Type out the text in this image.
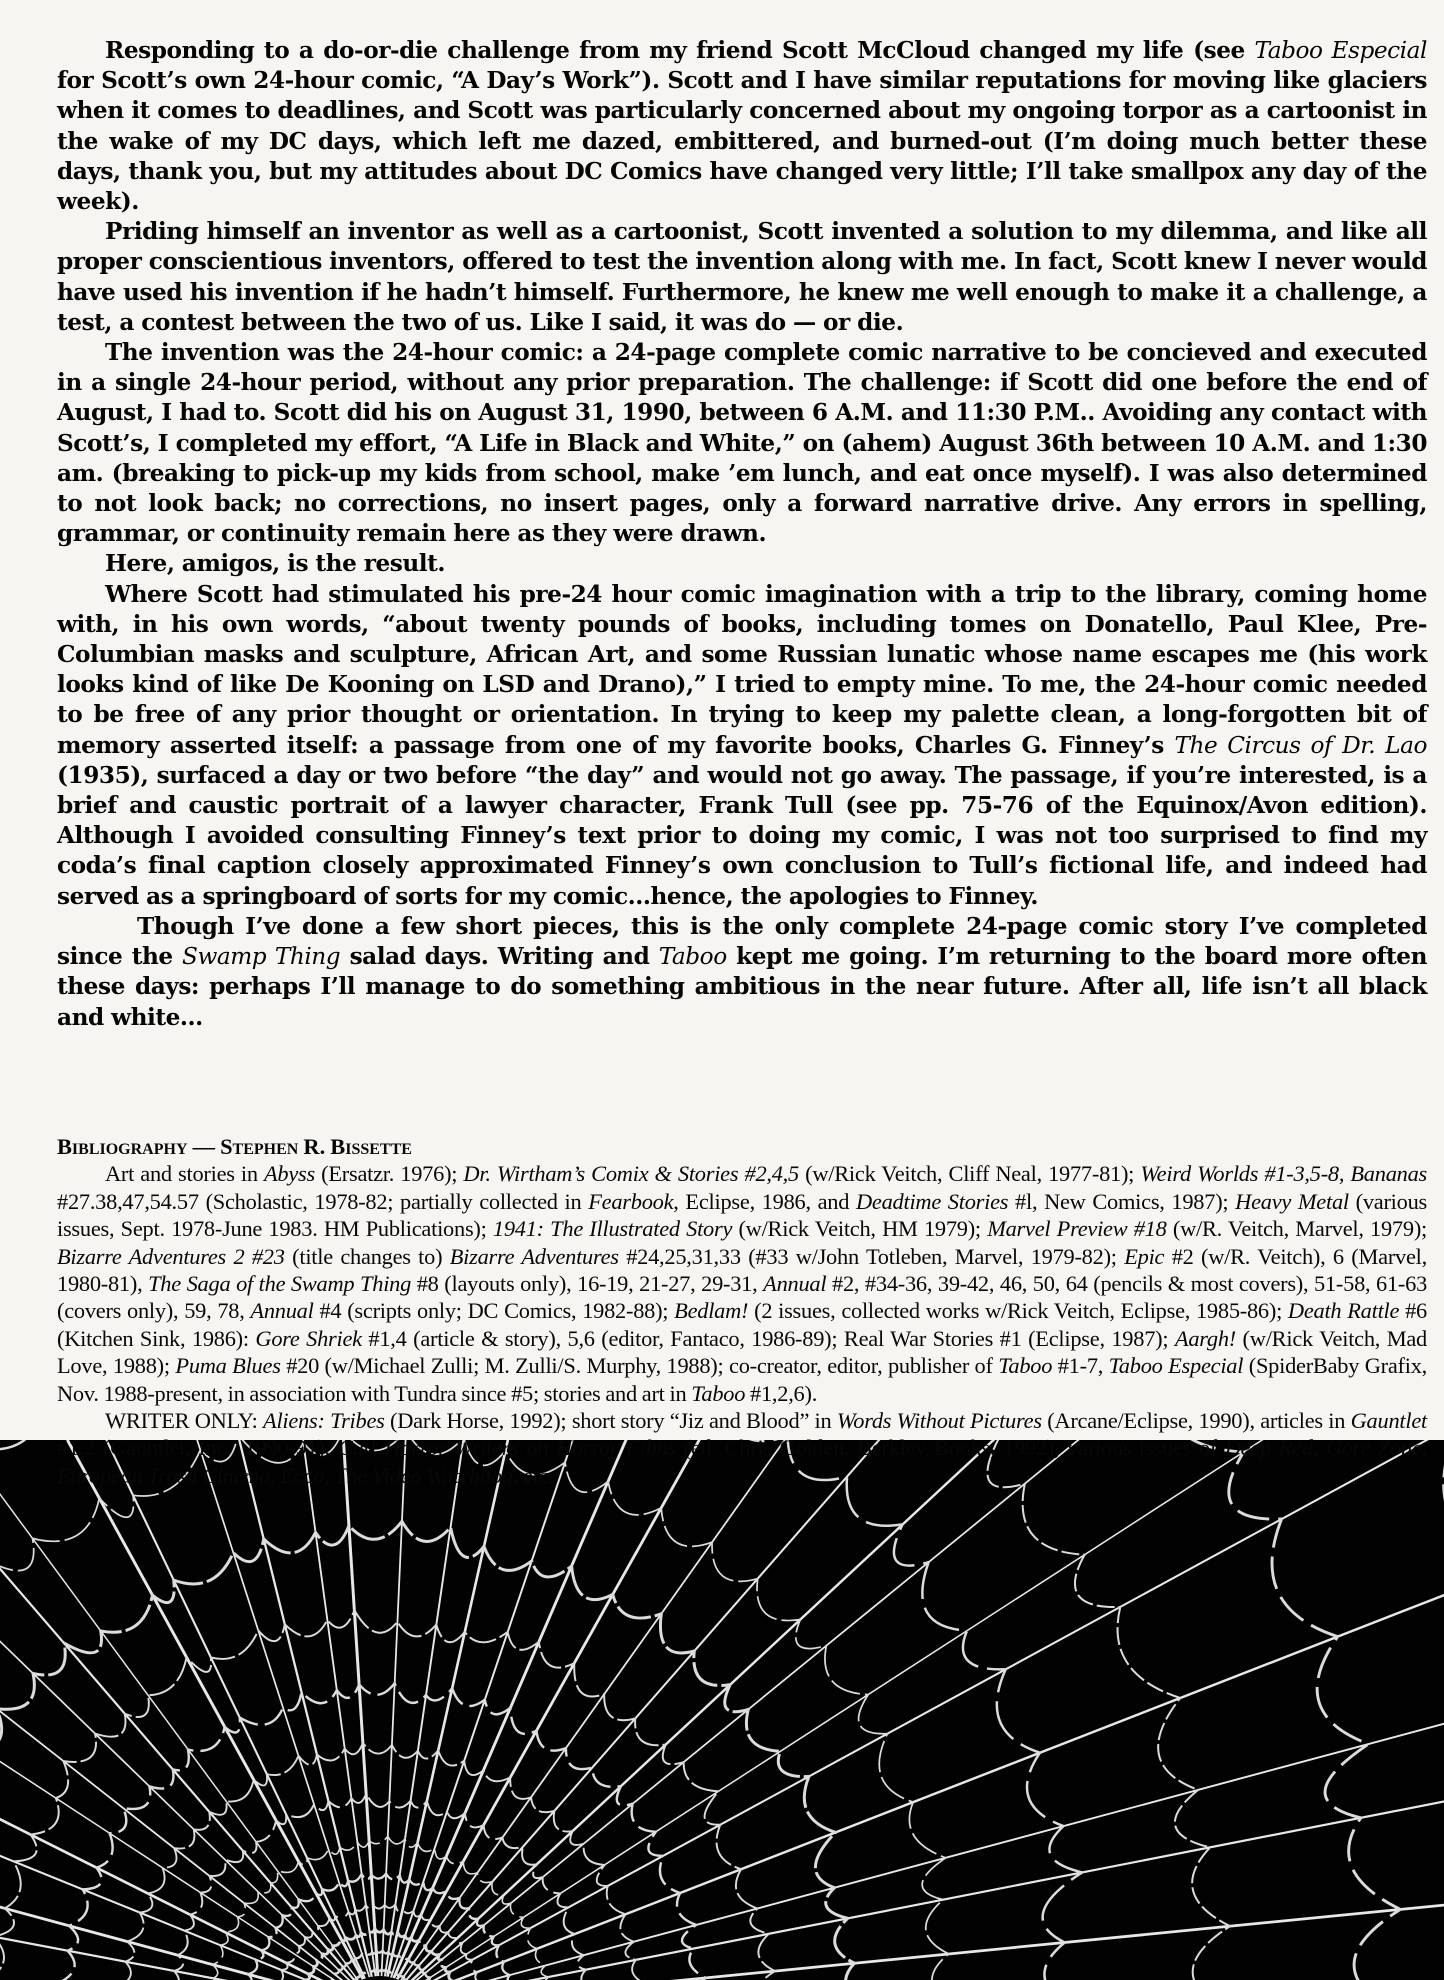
Responding to a do-or-die challenge from my friend Scott McCloud changed my life (see Taboo Especial for Scott’s own 24-hour comic, “A Day’s Work”). Scott and I have similar reputations for moving like glaciers when it comes to deadlines, and Scott was particularly concerned about my ongoing torpor as a cartoonist in the wake of my DC days, which left me dazed, embittered, and burned-out (I’m doing much better these days, thank you, but my attitudes about DC Comics have changed very little; I’ll take smallpox any day of the week).

Priding himself an inventor as well as a cartoonist, Scott invented a solution to my dilemma, and like all proper conscientious inventors, offered to test the invention along with me. In fact, Scott knew I never would have used his invention if he hadn’t himself. Furthermore, he knew me well enough to make it a challenge, a test, a contest between the two of us. Like I said, it was do — or die.

The invention was the 24-hour comic: a 24-page complete comic narrative to be concieved and executed in a single 24-hour period, without any prior preparation. The challenge: if Scott did one before the end of August, I had to. Scott did his on August 31, 1990, between 6 A.M. and 11:30 P.M.. Avoiding any contact with Scott’s, I completed my effort, “A Life in Black and White,” on (ahem) August 36th between 10 A.M. and 1:30 am. (breaking to pick-up my kids from school, make ’em lunch, and eat once myself). I was also determined to not look back; no corrections, no insert pages, only a forward narrative drive. Any errors in spelling, grammar, or continuity remain here as they were drawn.

Here, amigos, is the result.

Where Scott had stimulated his pre-24 hour comic imagination with a trip to the library, coming home with, in his own words, “about twenty pounds of books, including tomes on Donatello, Paul Klee, Pre-Columbian masks and sculpture, African Art, and some Russian lunatic whose name escapes me (his work looks kind of like De Kooning on LSD and Drano),” I tried to empty mine. To me, the 24-hour comic needed to be free of any prior thought or orientation. In trying to keep my palette clean, a long-forgotten bit of memory asserted itself: a passage from one of my favorite books, Charles G. Finney’s The Circus of Dr. Lao (1935), surfaced a day or two before “the day” and would not go away. The passage, if you’re interested, is a brief and caustic portrait of a lawyer character, Frank Tull (see pp. 75-76 of the Equinox/Avon edition). Although I avoided consulting Finney’s text prior to doing my comic, I was not too surprised to find my coda’s final caption closely approximated Finney’s own conclusion to Tull’s fictional life, and indeed had served as a springboard of sorts for my comic...hence, the apologies to Finney.

Though I’ve done a few short pieces, this is the only complete 24-page comic story I’ve completed since the Swamp Thing salad days. Writing and Taboo kept me going. I’m returning to the board more often these days: perhaps I’ll manage to do something ambitious in the near future. After all, life isn’t all black and white...

Bibliography — Stephen R. Bissette

Art and stories in Abyss (Ersatzr. 1976); Dr. Wirtham’s Comix & Stories #2,4,5 (w/Rick Veitch, Cliff Neal, 1977-81); Weird Worlds #1-3,5-8, Bananas #27.38,47,54.57 (Scholastic, 1978-82; partially collected in Fearbook, Eclipse, 1986, and Deadtime Stories #l, New Comics, 1987); Heavy Metal (various issues, Sept. 1978-June 1983. HM Publications); 1941: The Illustrated Story (w/Rick Veitch, HM 1979); Marvel Preview #18 (w/R. Veitch, Marvel, 1979); Bizarre Adventures 2 #23 (title changes to) Bizarre Adventures #24,25,31,33 (#33 w/John Totleben, Marvel, 1979-82); Epic #2 (w/R. Veitch), 6 (Marvel, 1980-81), The Saga of the Swamp Thing #8 (layouts only), 16-19, 21-27, 29-31, Annual #2, #34-36, 39-42, 46, 50, 64 (pencils & most covers), 51-58, 61-63 (covers only), 59, 78, Annual #4 (scripts only; DC Comics, 1982-88); Bedlam! (2 issues, collected works w/Rick Veitch, Eclipse, 1985-86); Death Rattle #6 (Kitchen Sink, 1986): Gore Shriek #1,4 (article & story), 5,6 (editor, Fantaco, 1986-89); Real War Stories #1 (Eclipse, 1987); Aargh! (w/Rick Veitch, Mad Love, 1988); Puma Blues #20 (w/Michael Zulli; M. Zulli/S. Murphy, 1988); co-creator, editor, publisher of Taboo #1-7, Taboo Especial (SpiderBaby Grafix, Nov. 1988-present, in association with Tundra since #5; stories and art in Taboo #1,2,6).

WRITER ONLY: Aliens: Tribes (Dark Horse, 1992); short story “Jiz and Blood” in Words Without Pictures (Arcane/Eclipse, 1990), articles in Gauntlet #1,2 (Gauntlet, Inc., 1990-91), Cut! Horror Writers on Horror Films (ed. Chris Golden, Berkley Books, 1992), various issues of Deep Red, Gore Zone, European Trash Cinema, Ecco, The Video Watchdog, etc.
